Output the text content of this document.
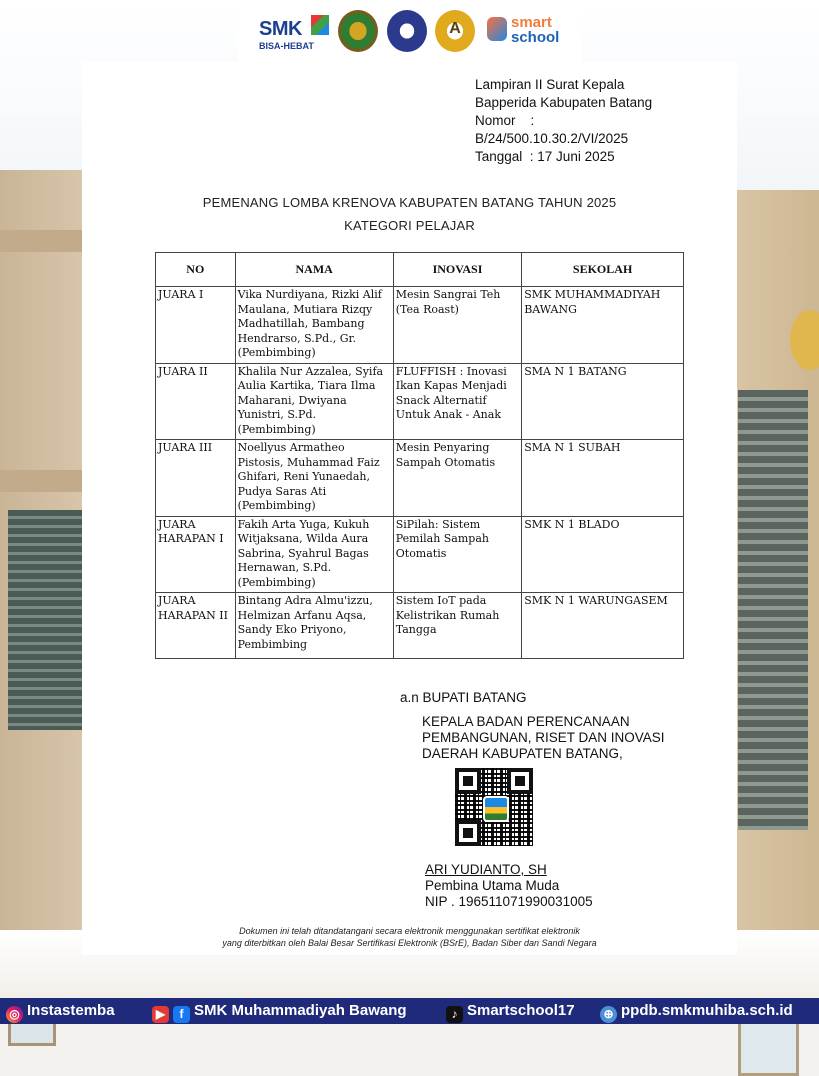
SMK
BISA-HEBAT
A	smart
school
Lampiran II Surat Kepala
Bapperida Kabupaten Batang
Nomor    :
B/24/500.10.30.2/VI/2025
Tanggal  : 17 Juni 2025
PEMENANG LOMBA KRENOVA KABUPATEN BATANG TAHUN 2025
KATEGORI PELAJAR
NO	NAMA	INOVASI	SEKOLAH
JUARA I	Vika Nurdiyana, Rizki Alif Maulana, Mutiara Rizqy Madhatillah, Bambang Hendrarso, S.Pd., Gr. (Pembimbing)	Mesin Sangrai Teh (Tea Roast)	SMK MUHAMMADIYAH BAWANG
JUARA II	Khalila Nur Azzalea, Syifa Aulia Kartika, Tiara Ilma Maharani, Dwiyana Yunistri, S.Pd. (Pembimbing)	FLUFFISH : Inovasi Ikan Kapas Menjadi Snack Alternatif Untuk Anak - Anak	SMA N 1 BATANG
JUARA III	Noellyus Armatheo Pistosis, Muhammad Faiz Ghifari, Reni Yunaedah, Pudya Saras Ati (Pembimbing)	Mesin Penyaring Sampah Otomatis	SMA N 1 SUBAH
JUARA HARAPAN I	Fakih Arta Yuga, Kukuh Witjaksana, Wilda Aura Sabrina, Syahrul Bagas Hernawan, S.Pd. (Pembimbing)	SiPilah: Sistem Pemilah Sampah Otomatis	SMK N 1 BLADO
JUARA HARAPAN II	Bintang Adra Almu'izzu, Helmizan Arfanu Aqsa, Sandy Eko Priyono, Pembimbing	Sistem IoT pada Kelistrikan Rumah Tangga	SMK N 1 WARUNGASEM
a.n BUPATI BATANG
KEPALA BADAN PERENCANAAN
PEMBANGUNAN, RISET DAN INOVASI
DAERAH KABUPATEN BATANG,
ARI YUDIANTO, SH
Pembina Utama Muda
NIP . 196511071990031005
Dokumen ini telah ditandatangani secara elektronik menggunakan sertifikat elektronik
yang diterbitkan oleh Balai Besar Sertifikasi Elektronik (BSrE), Badan Siber dan Sandi Negara
◎ Instastemba	▶ f SMK Muhammadiyah Bawang	♪ Smartschool17 ⊕ ppdb.smkmuhiba.sch.id
